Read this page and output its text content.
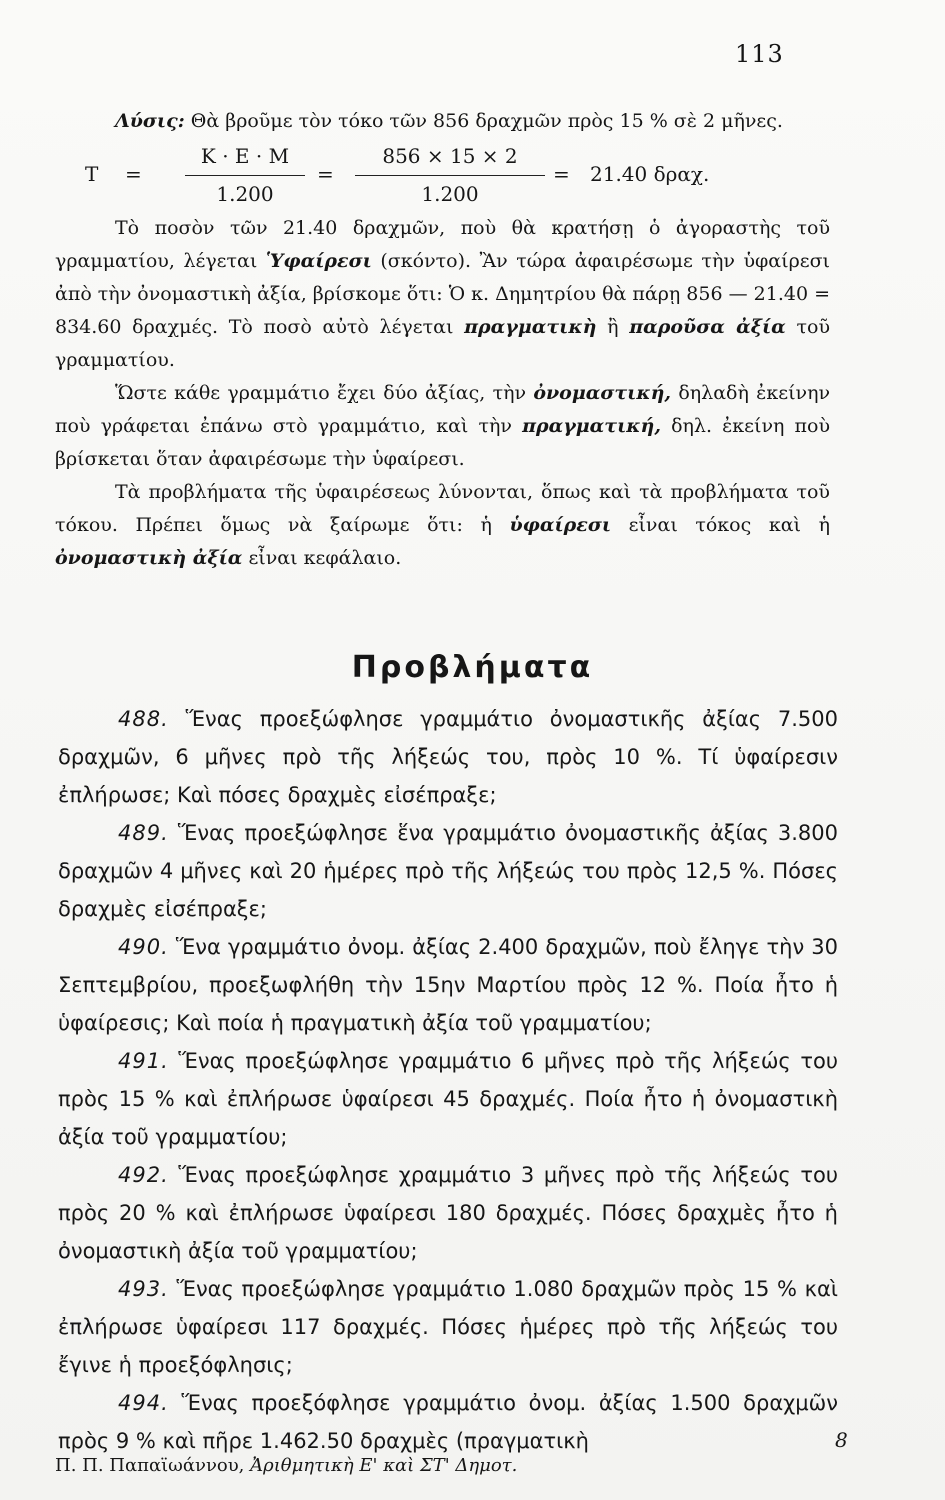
113

Λύσις: Θὰ βροῦμε τὸν τόκο τῶν 856 δραχμῶν πρὸς 15 % σὲ 2 μῆνες.

$T = \frac{K \cdot E \cdot M}{1.200} = \frac{856 \times 15 \times 2}{1.200} = 21.40$ δραχ.

Τὸ ποσὸν τῶν 21.40 δραχμῶν, ποὺ θὰ κρατήσῃ ὁ ἀγοραστὴς τοῦ γραμματίου, λέγεται Ὑφαίρεσι (σκόντο). Ἂν τώρα ἀφαιρέσωμε τὴν ὑφαίρεσι ἀπὸ τὴν ὀνομαστικὴ ἀξία, βρίσκομε ὅτι: Ὁ κ. Δημητρίου θὰ πάρῃ 856 — 21.40 = 834.60 δραχμές. Τὸ ποσὸ αὐτὸ λέγεται πραγματικὴ ἢ παροῦσα ἀξία τοῦ γραμματίου.

Ὥστε κάθε γραμμάτιο ἔχει δύο ἀξίας, τὴν ὀνομαστική, δηλαδὴ ἐκείνην ποὺ γράφεται ἐπάνω στὸ γραμμάτιο, καὶ τὴν πραγματική, δηλ. ἐκείνη ποὺ βρίσκεται ὅταν ἀφαιρέσωμε τὴν ὑφαίρεσι.

Τὰ προβλήματα τῆς ὑφαιρέσεως λύνονται, ὅπως καὶ τὰ προβλήματα τοῦ τόκου. Πρέπει ὅμως νὰ ξαίρωμε ὅτι: ἡ ὑφαίρεσι εἶναι τόκος καὶ ἡ ὀνομαστικὴ ἀξία εἶναι κεφάλαιο.

Προβλήματα

488. Ἕνας προεξώφλησε γραμμάτιο ὀνομαστικῆς ἀξίας 7.500 δραχμῶν, 6 μῆνες πρὸ τῆς λήξεώς του, πρὸς 10 %. Τί ὑφαίρεσιν ἐπλήρωσε; Καὶ πόσες δραχμὲς εἰσέπραξε;

489. Ἕνας προεξώφλησε ἕνα γραμμάτιο ὀνομαστικῆς ἀξίας 3.800 δραχμῶν 4 μῆνες καὶ 20 ἡμέρες πρὸ τῆς λήξεώς του πρὸς 12,5 %. Πόσες δραχμὲς εἰσέπραξε;

490. Ἕνα γραμμάτιο ὀνομ. ἀξίας 2.400 δραχμῶν, ποὺ ἔληγε τὴν 30 Σεπτεμβρίου, προεξωφλήθη τὴν 15ην Μαρτίου πρὸς 12 %. Ποία ἦτο ἡ ὑφαίρεσις; Καὶ ποία ἡ πραγματικὴ ἀξία τοῦ γραμματίου;

491. Ἕνας προεξώφλησε γραμμάτιο 6 μῆνες πρὸ τῆς λήξεώς του πρὸς 15 % καὶ ἐπλήρωσε ὑφαίρεσι 45 δραχμές. Ποία ἦτο ἡ ὀνομαστικὴ ἀξία τοῦ γραμματίου;

492. Ἕνας προεξώφλησε χραμμάτιο 3 μῆνες πρὸ τῆς λήξεώς του πρὸς 20 % καὶ ἐπλήρωσε ὑφαίρεσι 180 δραχμές. Πόσες δραχμὲς ἦτο ἡ ὀνομαστικὴ ἀξία τοῦ γραμματίου;

493. Ἕνας προεξώφλησε γραμμάτιο 1.080 δραχμῶν πρὸς 15 % καὶ ἐπλήρωσε ὑφαίρεσι 117 δραχμές. Πόσες ἡμέρες πρὸ τῆς λήξεώς του ἔγινε ἡ προεξόφλησις;

494. Ἕνας προεξόφλησε γραμμάτιο ὀνομ. ἀξίας 1.500 δραχμῶν πρὸς 9 % καὶ πῆρε 1.462.50 δραχμὲς (πραγματικὴ

Π. Π. Παπαϊωάννου, Ἀριθμητικὴ Ε' καὶ ΣΤ' Δημοτ.
8
